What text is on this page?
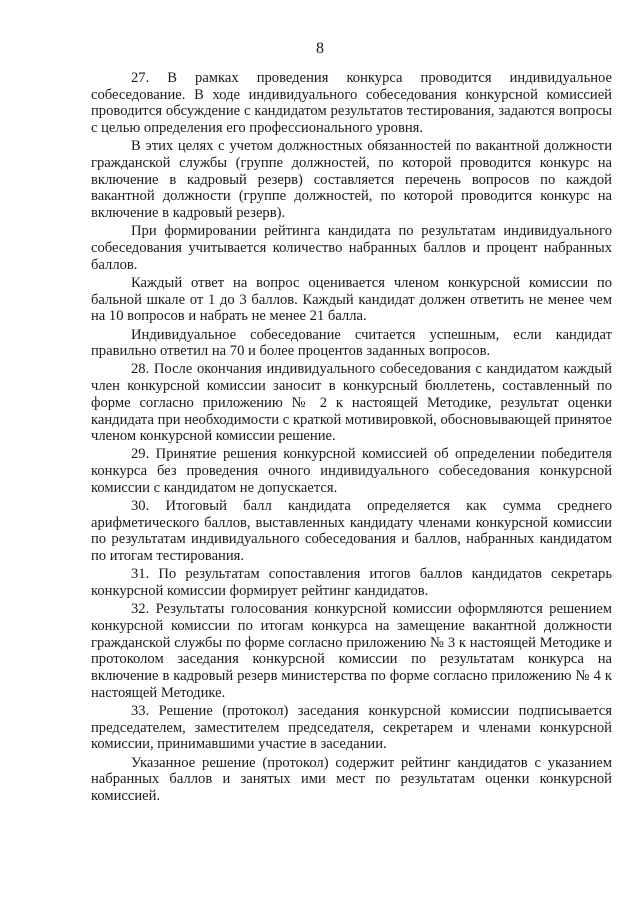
8

27. В рамках проведения конкурса проводится индивидуальное собеседование. В ходе индивидуального собеседования конкурсной комиссией проводится обсуждение с кандидатом результатов тестирования, задаются вопросы с целью определения его профессионального уровня.

В этих целях с учетом должностных обязанностей по вакантной должности гражданской службы (группе должностей, по которой проводится конкурс на включение в кадровый резерв) составляется перечень вопросов по каждой вакантной должности (группе должностей, по которой проводится конкурс на включение в кадровый резерв).

При формировании рейтинга кандидата по результатам индивидуального собеседования учитывается количество набранных баллов и процент набранных баллов.

Каждый ответ на вопрос оценивается членом конкурсной комиссии по бальной шкале от 1 до 3 баллов. Каждый кандидат должен ответить не менее чем на 10 вопросов и набрать не менее 21 балла.

Индивидуальное собеседование считается успешным, если кандидат правильно ответил на 70 и более процентов заданных вопросов.

28. После окончания индивидуального собеседования с кандидатом каждый член конкурсной комиссии заносит в конкурсный бюллетень, составленный по форме согласно приложению № 2 к настоящей Методике, результат оценки кандидата при необходимости с краткой мотивировкой, обосновывающей принятое членом конкурсной комиссии решение.

29. Принятие решения конкурсной комиссией об определении победителя конкурса без проведения очного индивидуального собеседования конкурсной комиссии с кандидатом не допускается.

30. Итоговый балл кандидата определяется как сумма среднего арифметического баллов, выставленных кандидату членами конкурсной комиссии по результатам индивидуального собеседования и баллов, набранных кандидатом по итогам тестирования.

31. По результатам сопоставления итогов баллов кандидатов секретарь конкурсной комиссии формирует рейтинг кандидатов.

32. Результаты голосования конкурсной комиссии оформляются решением конкурсной комиссии по итогам конкурса на замещение вакантной должности гражданской службы по форме согласно приложению № 3 к настоящей Методике и протоколом заседания конкурсной комиссии по результатам конкурса на включение в кадровый резерв министерства по форме согласно приложению № 4 к настоящей Методике.

33. Решение (протокол) заседания конкурсной комиссии подписывается председателем, заместителем председателя, секретарем и членами конкурсной комиссии, принимавшими участие в заседании.

Указанное решение (протокол) содержит рейтинг кандидатов с указанием набранных баллов и занятых ими мест по результатам оценки конкурсной комиссией.
